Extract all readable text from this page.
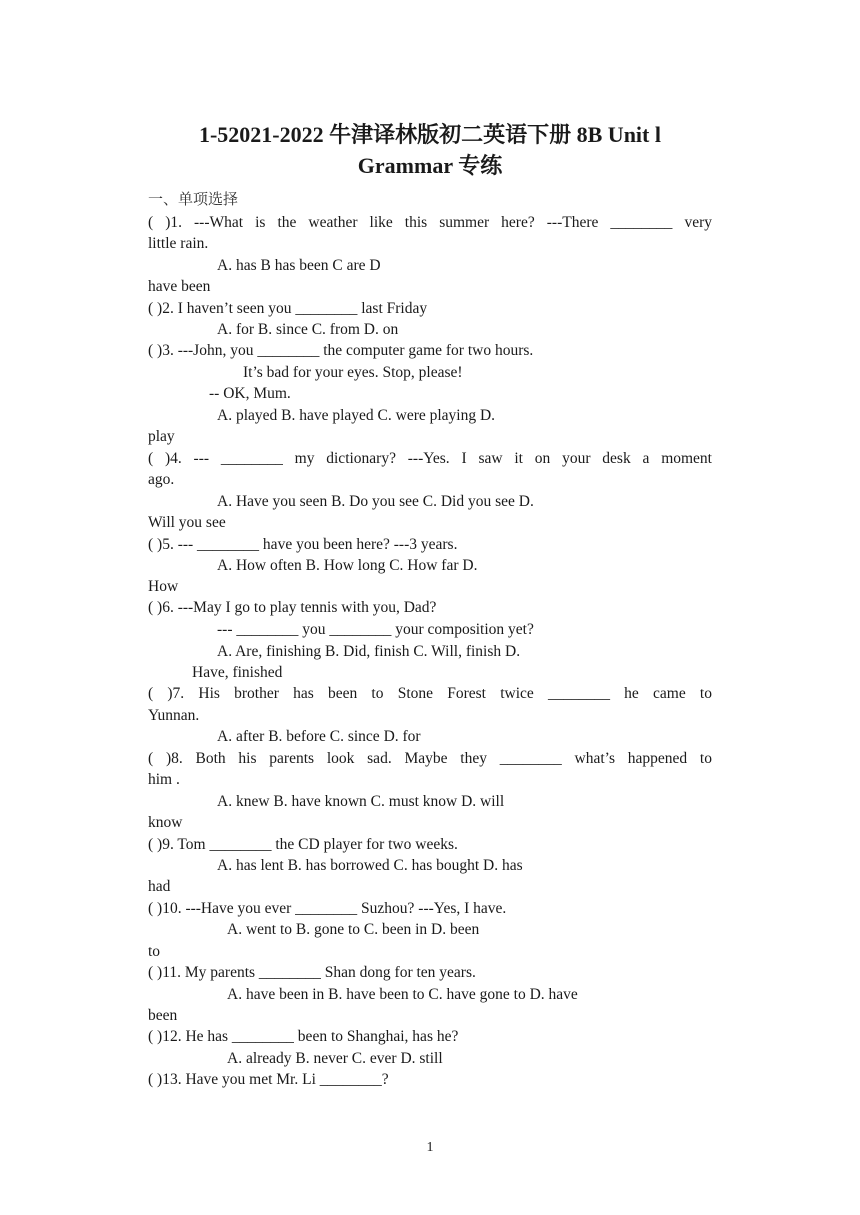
1-52021-2022 牛津译林版初二英语下册 8B Unit l
Grammar 专练
一、单项选择
( )1. ---What is the weather like this summer here? ---There ________ very
little rain.
A. has B has been C are D
have been
( )2. I haven’t seen you ________ last Friday
A. for B. since C. from D. on
( )3. ---John, you ________ the computer game for two hours.
It’s bad for your eyes. Stop, please!
-- OK, Mum.
A. played B. have played C. were playing D.
play
( )4. --- ________ my dictionary? ---Yes. I saw it on your desk a moment
ago.
A. Have you seen B. Do you see C. Did you see D.
Will you see
( )5. --- ________ have you been here? ---3 years.
A. How often B. How long C. How far D.
How
( )6. ---May I go to play tennis with you, Dad?
--- ________ you ________ your composition yet?
A. Are, finishing B. Did, finish C. Will, finish D.
Have, finished
( )7. His brother has been to Stone Forest twice ________ he came to
Yunnan.
A. after B. before C. since D. for
( )8. Both his parents look sad. Maybe they ________ what’s happened to
him .
A. knew B. have known C. must know D. will
know
( )9. Tom ________ the CD player for two weeks.
A. has lent B. has borrowed C. has bought D. has
had
( )10. ---Have you ever ________ Suzhou? ---Yes, I have.
A. went to B. gone to C. been in D. been
to
( )11. My parents ________ Shan dong for ten years.
A. have been in B. have been to C. have gone to D. have
been
( )12. He has ________ been to Shanghai, has he?
A. already B. never C. ever D. still
( )13. Have you met Mr. Li ________?
1
